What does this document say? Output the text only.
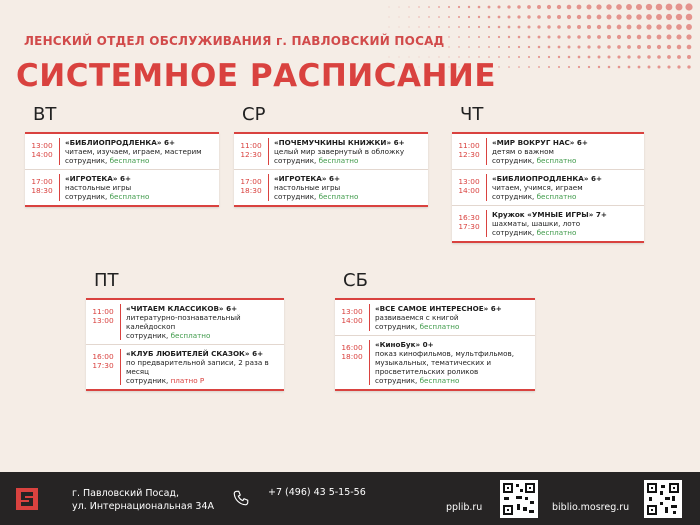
ЛЕНСКИЙ ОТДЕЛ ОБСЛУЖИВАНИЯ г. ПАВЛОВСКИЙ ПОСАД
СИСТЕМНОЕ РАСПИСАНИЕ
ВТ
13:00
14:00
«БИБЛИОПРОДЛЕНКА» 6+
читаем, изучаем, играем, мастерим
сотрудник, бесплатно
17:00
18:30
«ИГРОТЕКА» 6+
настольные игры
сотрудник, бесплатно
СР
11:00
12:30
«ПОЧЕМУЧКИНЫ КНИЖКИ» 6+
целый мир завернутый в обложку
сотрудник, бесплатно
17:00
18:30
«ИГРОТЕКА» 6+
настольные игры
сотрудник, бесплатно
ЧТ
11:00
12:30
«МИР ВОКРУГ НАС» 6+
детям о важном
сотрудник, бесплатно
13:00
14:00
«БИБЛИОПРОДЛЕНКА» 6+
читаем, учимся, играем
сотрудник, бесплатно
16:30
17:30
Кружок «УМНЫЕ ИГРЫ» 7+
шахматы, шашки, лото
сотрудник, бесплатно
ПТ
11:00
13:00
«ЧИТАЕМ КЛАССИКОВ» 6+
литературно-познавательный
калейдоскоп
сотрудник, бесплатно
16:00
17:30
«КЛУБ ЛЮБИТЕЛЕЙ СКАЗОК» 6+
по предварительной записи, 2 раза в
месяц
сотрудник, платно Р
СБ
13:00
14:00
«ВСЕ САМОЕ ИНТЕРЕСНОЕ» 6+
развиваемся с книгой
сотрудник, бесплатно
16:00
18:00
«КиноБук» 0+
показ кинофильмов, мультфильмов,
музыкальных, тематических и
просветительских роликов
сотрудник, бесплатно
г. Павловский Посад,
ул. Интернациональная 34А
+7 (496) 43 5-15-56
pplib.ru	biblio.mosreg.ru
